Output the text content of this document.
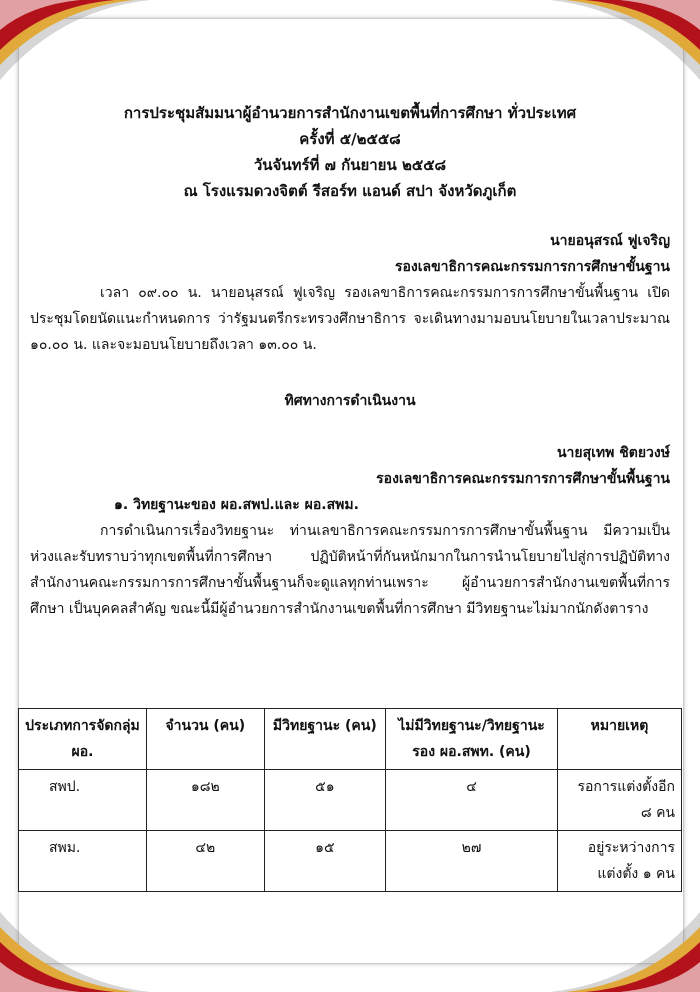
การประชุมสัมมนาผู้อำนวยการสำนักงานเขตพื้นที่การศึกษา ทั่วประเทศ
ครั้งที่ ๕/๒๕๕๘
วันจันทร์ที่ ๗ กันยายน ๒๕๕๘
ณ โรงแรมดวงจิตต์ รีสอร์ท แอนด์ สปา จังหวัดภูเก็ต
นายอนุสรณ์ ฟูเจริญ
รองเลขาธิการคณะกรรมการการศึกษาขั้นฐาน

เวลา ๐๙.๐๐ น. นายอนุสรณ์ ฟูเจริญ รองเลขาธิการคณะกรรมการการศึกษาขั้นพื้นฐาน เปิดประชุมโดยนัดแนะกำหนดการ ว่ารัฐมนตรีกระทรวงศึกษาธิการ จะเดินทางมามอบนโยบายในเวลาประมาณ ๑๐.๐๐ น. และจะมอบนโยบายถึงเวลา ๑๓.๐๐ น.

ทิศทางการดำเนินงาน
นายสุเทพ ชิตยวงษ์
รองเลขาธิการคณะกรรมการการศึกษาขั้นพื้นฐาน
๑. วิทยฐานะของ ผอ.สพป.และ ผอ.สพม.

การดำเนินการเรื่องวิทยฐานะ ท่านเลขาธิการคณะกรรมการการศึกษาขั้นพื้นฐาน มีความเป็นห่วงและรับทราบว่าทุกเขตพื้นที่การศึกษา ปฏิบัติหน้าที่กันหนักมากในการนำนโยบายไปสู่การปฏิบัติทางสำนักงานคณะกรรมการการศึกษาขั้นพื้นฐานก็จะดูแลทุกท่านเพราะ ผู้อำนวยการสำนักงานเขตพื้นที่การศึกษา เป็นบุคคลสำคัญ ขณะนี้มีผู้อำนวยการสำนักงานเขตพื้นที่การศึกษา มีวิทยฐานะไม่มากนักดังตาราง

ประเภทการจัดกลุ่ม ผอ.	จำนวน (คน)	มีวิทยฐานะ (คน)	ไม่มีวิทยฐานะ/วิทยฐานะรอง ผอ.สพท. (คน)	หมายเหตุ
สพป.	๑๘๒	๕๑	๔	รอการแต่งตั้งอีก ๘ คน
สพม.	๔๒	๑๕	๒๗	อยู่ระหว่างการแต่งตั้ง ๑ คน
